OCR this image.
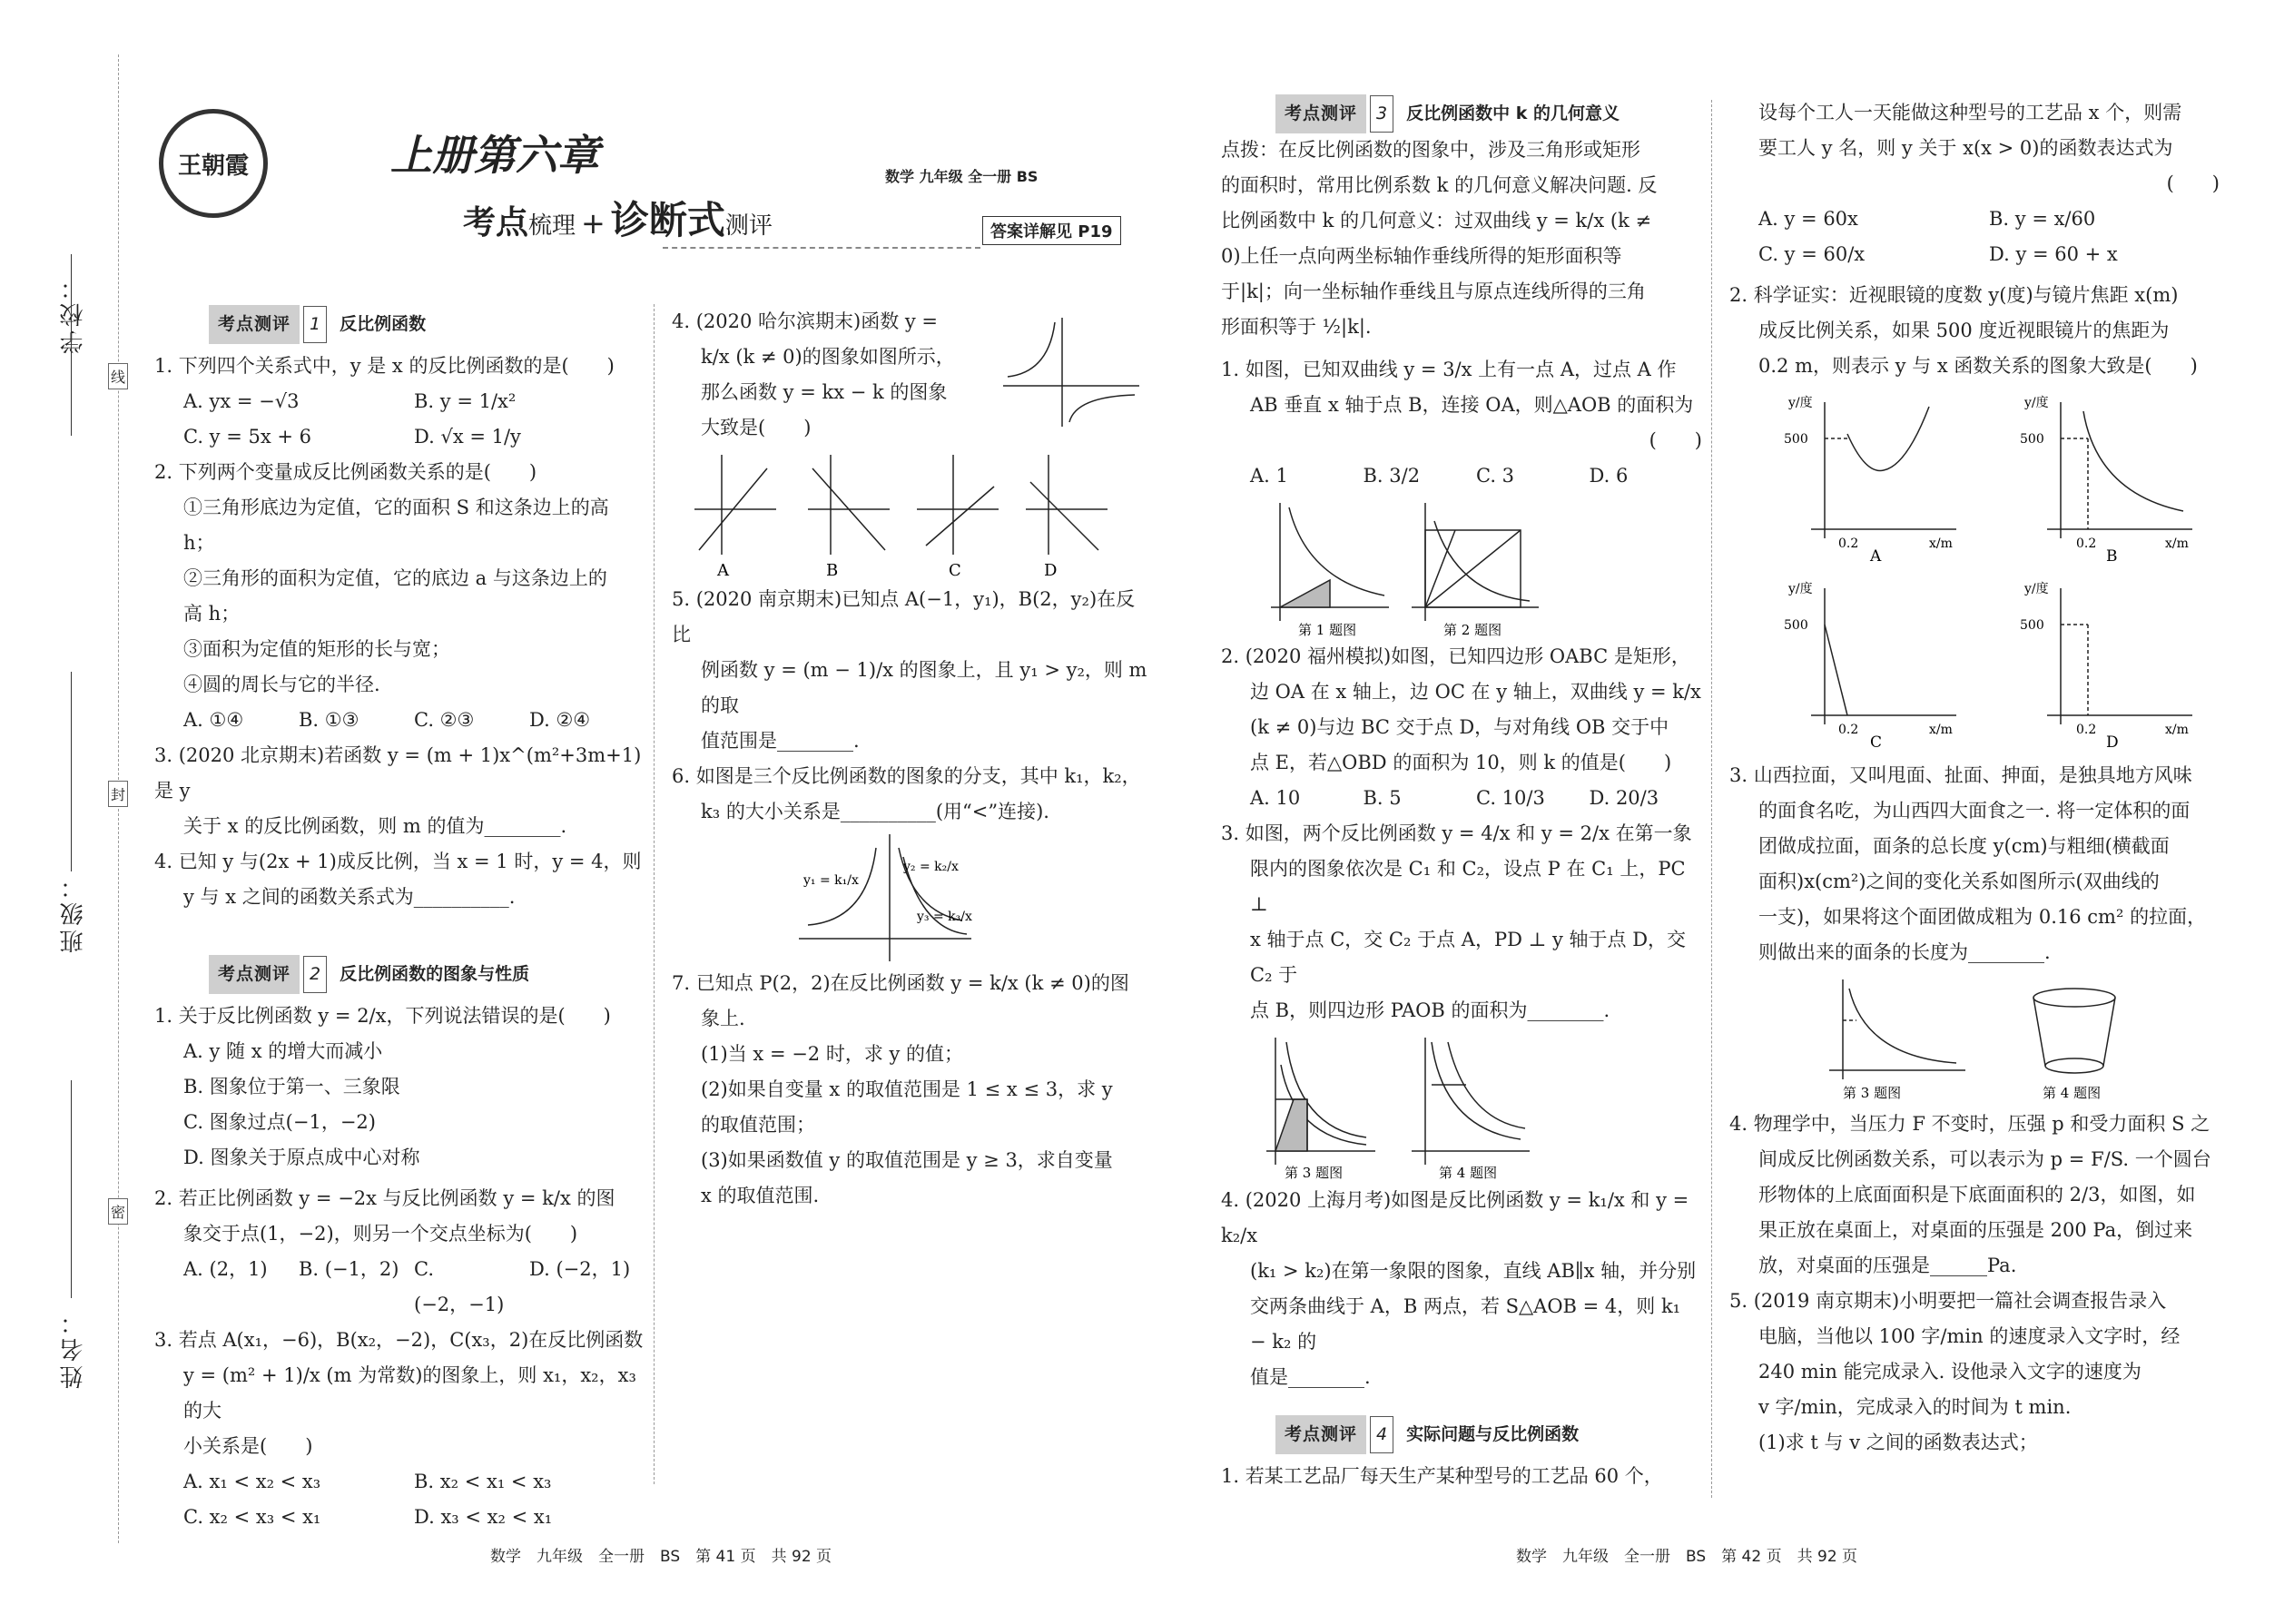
学校：
班级：
姓名：
线
封
密
王朝霞	上册第六章
考点 梳理 + 诊断式 测评
数学 九年级 全一册 BS
答案详解见 P19
考点测评	1	反比例函数

1. 下列四个关系式中，y 是 x 的反比例函数的是(　　)

A. yx = −√3	B. y = 1/x²
C. y = 5x + 6	D. √x = 1/y

2. 下列两个变量成反比例函数关系的是(　　)

①三角形底边为定值，它的面积 S 和这条边上的高 h；

②三角形的面积为定值，它的底边 a 与这条边上的

高 h；

③面积为定值的矩形的长与宽；

④圆的周长与它的半径.

A. ①④	B. ①③	C. ②③	D. ②④

3. (2020 北京期末)若函数 y = (m + 1)x^(m²+3m+1) 是 y

关于 x 的反比例函数，则 m 的值为________.

4. 已知 y 与(2x + 1)成反比例，当 x = 1 时，y = 4，则

y 与 x 之间的函数关系式为__________.

考点测评	2	反比例函数的图象与性质

1. 关于反比例函数 y = 2/x，下列说法错误的是(　　)

A. y 随 x 的增大而减小

B. 图象位于第一、三象限

C. 图象过点(−1，−2)

D. 图象关于原点成中心对称

2. 若正比例函数 y = −2x 与反比例函数 y = k/x 的图

象交于点(1，−2)，则另一个交点坐标为(　　)

A. (2，1)	B. (−1，2) C. (−2，−1)
D. (−2，1)

3. 若点 A(x₁，−6)，B(x₂，−2)，C(x₃，2)在反比例函数

y = (m² + 1)/x (m 为常数)的图象上，则 x₁，x₂，x₃ 的大

小关系是(　　)

A. x₁ < x₂ < x₃	B. x₂ < x₁ < x₃
C. x₂ < x₃ < x₁	D. x₃ < x₂ < x₁

4. (2020 哈尔滨期末)函数 y =

k/x (k ≠ 0)的图象如图所示，

那么函数 y = kx − k 的图象

大致是(　　)

A	B	C	D

5. (2020 南京期末)已知点 A(−1，y₁)，B(2，y₂)在反比

例函数 y = (m − 1)/x 的图象上，且 y₁ > y₂，则 m 的取

值范围是________.

6. 如图是三个反比例函数的图象的分支，其中 k₁，k₂，

k₃ 的大小关系是__________(用“<”连接).

y₁ = k₁/x
y₂ = k₂/x
y₃ = k₃/x

7. 已知点 P(2，2)在反比例函数 y = k/x (k ≠ 0)的图

象上.

(1)当 x = −2 时，求 y 的值；

(2)如果自变量 x 的取值范围是 1 ≤ x ≤ 3，求 y

的取值范围；

(3)如果函数值 y 的取值范围是 y ≥ 3，求自变量

x 的取值范围.

考点测评	3	反比例函数中 k 的几何意义

点拨：在反比例函数的图象中，涉及三角形或矩形

的面积时，常用比例系数 k 的几何意义解决问题. 反

比例函数中 k 的几何意义：过双曲线 y = k/x (k ≠

0)上任一点向两坐标轴作垂线所得的矩形面积等

于|k|；向一坐标轴作垂线且与原点连线所得的三角

形面积等于 ½|k|.

1. 如图，已知双曲线 y = 3/x 上有一点 A，过点 A 作

AB 垂直 x 轴于点 B，连接 OA，则△AOB 的面积为

(　　)

A. 1	B. 3/2	C. 3	D. 6
第 1 题图	第 2 题图

2. (2020 福州模拟)如图，已知四边形 OABC 是矩形，

边 OA 在 x 轴上，边 OC 在 y 轴上，双曲线 y = k/x

(k ≠ 0)与边 BC 交于点 D，与对角线 OB 交于中

点 E，若△OBD 的面积为 10，则 k 的值是(　　)

A. 10	B. 5	C. 10/3	D. 20/3

3. 如图，两个反比例函数 y = 4/x 和 y = 2/x 在第一象

限内的图象依次是 C₁ 和 C₂，设点 P 在 C₁ 上，PC ⊥

x 轴于点 C，交 C₂ 于点 A，PD ⊥ y 轴于点 D，交 C₂ 于

点 B，则四边形 PAOB 的面积为________.

第 3 题图	第 4 题图

4. (2020 上海月考)如图是反比例函数 y = k₁/x 和 y = k₂/x

(k₁ > k₂)在第一象限的图象，直线 AB∥x 轴，并分别

交两条曲线于 A，B 两点，若 S△AOB = 4，则 k₁ − k₂ 的

值是________.

考点测评	4	实际问题与反比例函数

1. 若某工艺品厂每天生产某种型号的工艺品 60 个，

设每个工人一天能做这种型号的工艺品 x 个，则需

要工人 y 名，则 y 关于 x(x > 0)的函数表达式为

(　　)

A. y = 60x	B. y = x/60
C. y = 60/x	D. y = 60 + x

2. 科学证实：近视眼镜的度数 y(度)与镜片焦距 x(m)

成反比例关系，如果 500 度近视眼镜片的焦距为

0.2 m，则表示 y 与 x 函数关系的图象大致是(　　)

y/度
x/m
500
0.2
A
y/度
x/m
500
0.2
B
y/度
x/m
500
0.2
C
y/度
x/m
500
0.2
D

3. 山西拉面，又叫甩面、扯面、抻面，是独具地方风味

的面食名吃，为山西四大面食之一. 将一定体积的面

团做成拉面，面条的总长度 y(cm)与粗细(横截面

面积)x(cm²)之间的变化关系如图所示(双曲线的

一支)，如果将这个面团做成粗为 0.16 cm² 的拉面，

则做出来的面条的长度为________.

第 3 题图	第 4 题图

4. 物理学中，当压力 F 不变时，压强 p 和受力面积 S 之

间成反比例函数关系，可以表示为 p = F/S. 一个圆台

形物体的上底面面积是下底面面积的 2/3，如图，如

果正放在桌面上，对桌面的压强是 200 Pa，倒过来

放，对桌面的压强是______Pa.

5. (2019 南京期末)小明要把一篇社会调查报告录入

电脑，当他以 100 字/min 的速度录入文字时，经

240 min 能完成录入. 设他录入文字的速度为

v 字/min，完成录入的时间为 t min.

(1)求 t 与 v 之间的函数表达式；

数学　九年级　全一册　BS　第 41 页　共 92 页	数学　九年级　全一册　BS　第 42 页　共 92 页
